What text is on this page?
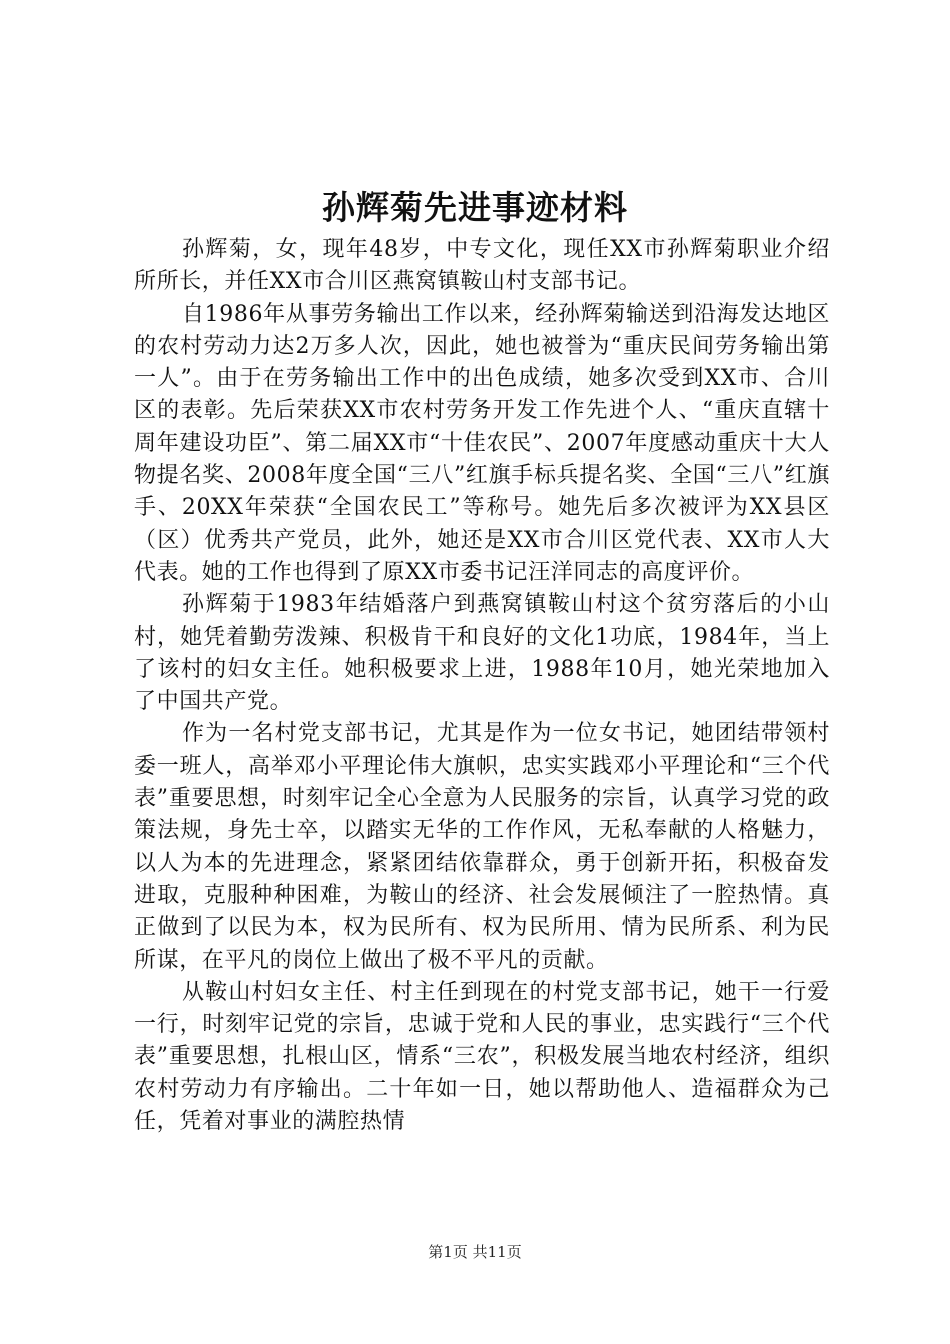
孙辉菊先进事迹材料

孙辉菊，女，现年48岁，中专文化，现任XX市孙辉菊职业介绍所所长，并任XX市合川区燕窝镇鞍山村支部书记。

自1986年从事劳务输出工作以来，经孙辉菊输送到沿海发达地区的农村劳动力达2万多人次，因此，她也被誉为“重庆民间劳务输出第一人”。由于在劳务输出工作中的出色成绩，她多次受到XX市、合川区的表彰。先后荣获XX市农村劳务开发工作先进个人、“重庆直辖十周年建设功臣”、第二届XX市“十佳农民”、2007年度感动重庆十大人物提名奖、2008年度全国“三八”红旗手标兵提名奖、全国“三八”红旗手、20XX年荣获“全国农民工”等称号。她先后多次被评为XX县区（区）优秀共产党员，此外，她还是XX市合川区党代表、XX市人大代表。她的工作也得到了原XX市委书记汪洋同志的高度评价。

孙辉菊于1983年结婚落户到燕窝镇鞍山村这个贫穷落后的小山村，她凭着勤劳泼辣、积极肯干和良好的文化1功底，1984年，当上了该村的妇女主任。她积极要求上进，1988年10月，她光荣地加入了中国共产党。

作为一名村党支部书记，尤其是作为一位女书记，她团结带领村委一班人，高举邓小平理论伟大旗帜，忠实实践邓小平理论和“三个代表”重要思想，时刻牢记全心全意为人民服务的宗旨，认真学习党的政策法规，身先士卒，以踏实无华的工作作风，无私奉献的人格魅力，以人为本的先进理念，紧紧团结依靠群众，勇于创新开拓，积极奋发进取，克服种种困难，为鞍山的经济、社会发展倾注了一腔热情。真正做到了以民为本，权为民所有、权为民所用、情为民所系、利为民所谋，在平凡的岗位上做出了极不平凡的贡献。

从鞍山村妇女主任、村主任到现在的村党支部书记，她干一行爱一行，时刻牢记党的宗旨，忠诚于党和人民的事业，忠实践行“三个代表”重要思想，扎根山区，情系“三农”，积极发展当地农村经济，组织农村劳动力有序输出。二十年如一日，她以帮助他人、造福群众为己任，凭着对事业的满腔热情

第1页 共11页
